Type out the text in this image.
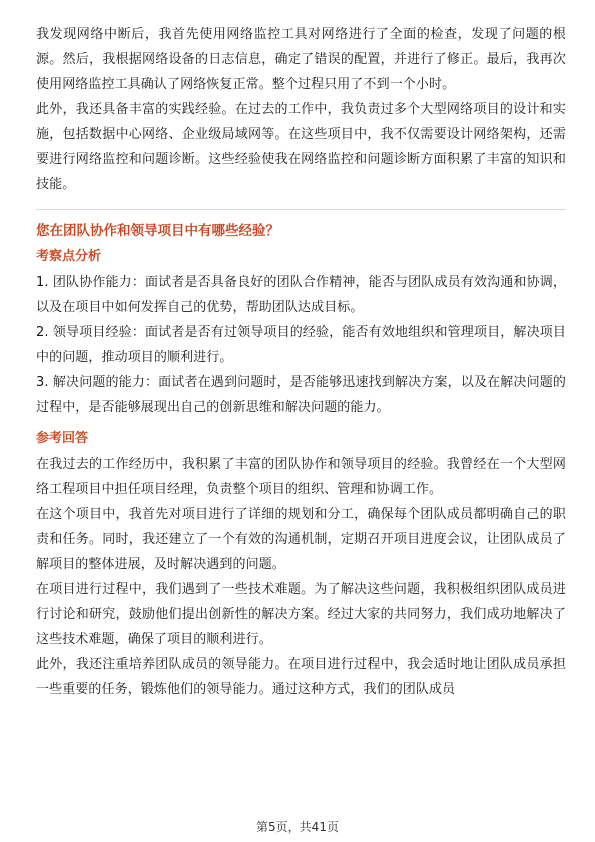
我发现网络中断后，我首先使用网络监控工具对网络进行了全面的检查，发现了问题的根源。然后，我根据网络设备的日志信息，确定了错误的配置，并进行了修正。最后，我再次使用网络监控工具确认了网络恢复正常。整个过程只用了不到一个小时。

此外，我还具备丰富的实践经验。在过去的工作中，我负责过多个大型网络项目的设计和实施，包括数据中心网络、企业级局域网等。在这些项目中，我不仅需要设计网络架构，还需要进行网络监控和问题诊断。这些经验使我在网络监控和问题诊断方面积累了丰富的知识和技能。

您在团队协作和领导项目中有哪些经验？

考察点分析

1. 团队协作能力：面试者是否具备良好的团队合作精神，能否与团队成员有效沟通和协调，以及在项目中如何发挥自己的优势，帮助团队达成目标。

2. 领导项目经验：面试者是否有过领导项目的经验，能否有效地组织和管理项目，解决项目中的问题，推动项目的顺利进行。

3. 解决问题的能力：面试者在遇到问题时，是否能够迅速找到解决方案，以及在解决问题的过程中，是否能够展现出自己的创新思维和解决问题的能力。

参考回答

在我过去的工作经历中，我积累了丰富的团队协作和领导项目的经验。我曾经在一个大型网络工程项目中担任项目经理，负责整个项目的组织、管理和协调工作。

在这个项目中，我首先对项目进行了详细的规划和分工，确保每个团队成员都明确自己的职责和任务。同时，我还建立了一个有效的沟通机制，定期召开项目进度会议，让团队成员了解项目的整体进展，及时解决遇到的问题。

在项目进行过程中，我们遇到了一些技术难题。为了解决这些问题，我积极组织团队成员进行讨论和研究，鼓励他们提出创新性的解决方案。经过大家的共同努力，我们成功地解决了这些技术难题，确保了项目的顺利进行。

此外，我还注重培养团队成员的领导能力。在项目进行过程中，我会适时地让团队成员承担一些重要的任务，锻炼他们的领导能力。通过这种方式，我们的团队成员

第5页，共41页
